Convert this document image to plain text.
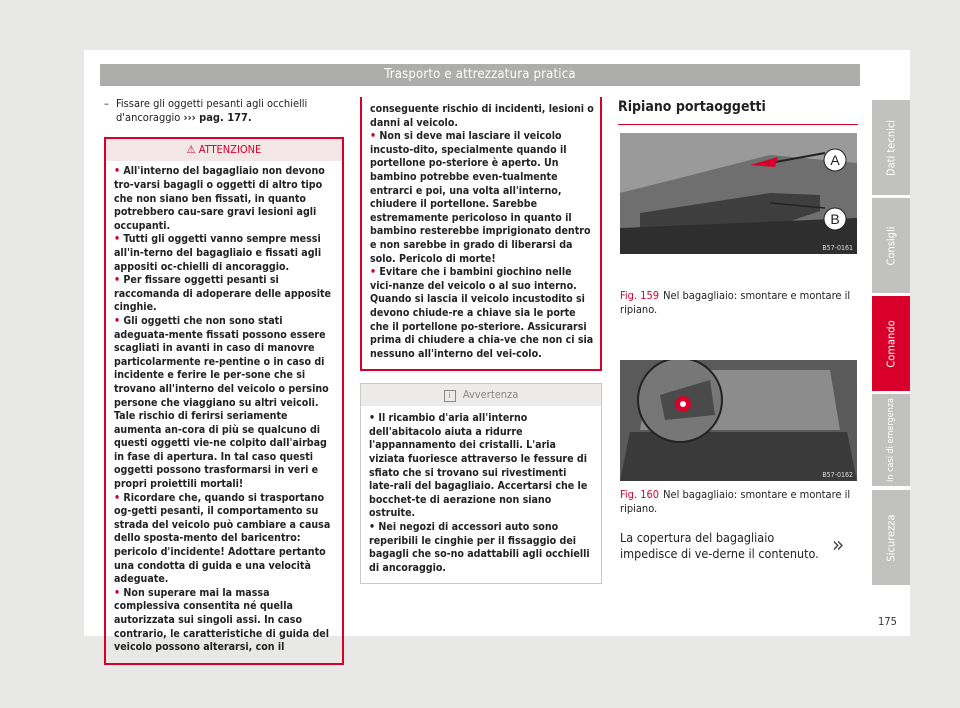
Trasporto e attrezzatura pratica
– Fissare gli oggetti pesanti agli occhielli d'ancoraggio ››› pag. 177.
⚠ ATTENZIONE
• All'interno del bagagliaio non devono tro-varsi bagagli o oggetti di altro tipo che non siano ben fissati, in quanto potrebbero cau-sare gravi lesioni agli occupanti.
• Tutti gli oggetti vanno sempre messi all'in-terno del bagagliaio e fissati agli appositi oc-chielli di ancoraggio.
• Per fissare oggetti pesanti si raccomanda di adoperare delle apposite cinghie.
• Gli oggetti che non sono stati adeguata-mente fissati possono essere scagliati in avanti in caso di manovre particolarmente re-pentine o in caso di incidente e ferire le per-sone che si trovano all'interno del veicolo o persino persone che viaggiano su altri veicoli. Tale rischio di ferirsi seriamente aumenta an-cora di più se qualcuno di questi oggetti vie-ne colpito dall'airbag in fase di apertura. In tal caso questi oggetti possono trasformarsi in veri e propri proiettili mortali!
• Ricordare che, quando si trasportano og-getti pesanti, il comportamento su strada del veicolo può cambiare a causa dello sposta-mento del baricentro: pericolo d'incidente! Adottare pertanto una condotta di guida e una velocità adeguate.
• Non superare mai la massa complessiva consentita né quella autorizzata sui singoli assi. In caso contrario, le caratteristiche di guida del veicolo possono alterarsi, con il
conseguente rischio di incidenti, lesioni o danni al veicolo.
• Non si deve mai lasciare il veicolo incusto-dito, specialmente quando il portellone po-steriore è aperto. Un bambino potrebbe even-tualmente entrarci e poi, una volta all'interno, chiudere il portellone. Sarebbe estremamente pericoloso in quanto il bambino resterebbe imprigionato dentro e non sarebbe in grado di liberarsi da solo. Pericolo di morte!
• Evitare che i bambini giochino nelle vici-nanze del veicolo o al suo interno. Quando si lascia il veicolo incustodito si devono chiude-re a chiave sia le porte che il portellone po-steriore. Assicurarsi prima di chiudere a chia-ve che non ci sia nessuno all'interno del vei-colo.
i Avvertenza
• Il ricambio d'aria all'interno dell'abitacolo aiuta a ridurre l'appannamento dei cristalli. L'aria viziata fuoriesce attraverso le fessure di sfiato che si trovano sui rivestimenti late-rali del bagagliaio. Accertarsi che le bocchet-te di aerazione non siano ostruite.
• Nei negozi di accessori auto sono reperibili le cinghie per il fissaggio dei bagagli che so-no adattabili agli occhielli di ancoraggio.
Ripiano portaoggetti
A
B
B57-0161
Fig. 159 Nel bagagliaio: smontare e montare il ripiano.
B57-0162
Fig. 160 Nel bagagliaio: smontare e montare il ripiano.
La copertura del bagagliaio impedisce di ve-derne il contenuto. »
Dati tecnici
Consigli
Comando
In casi di emergenza
Sicurezza
175
